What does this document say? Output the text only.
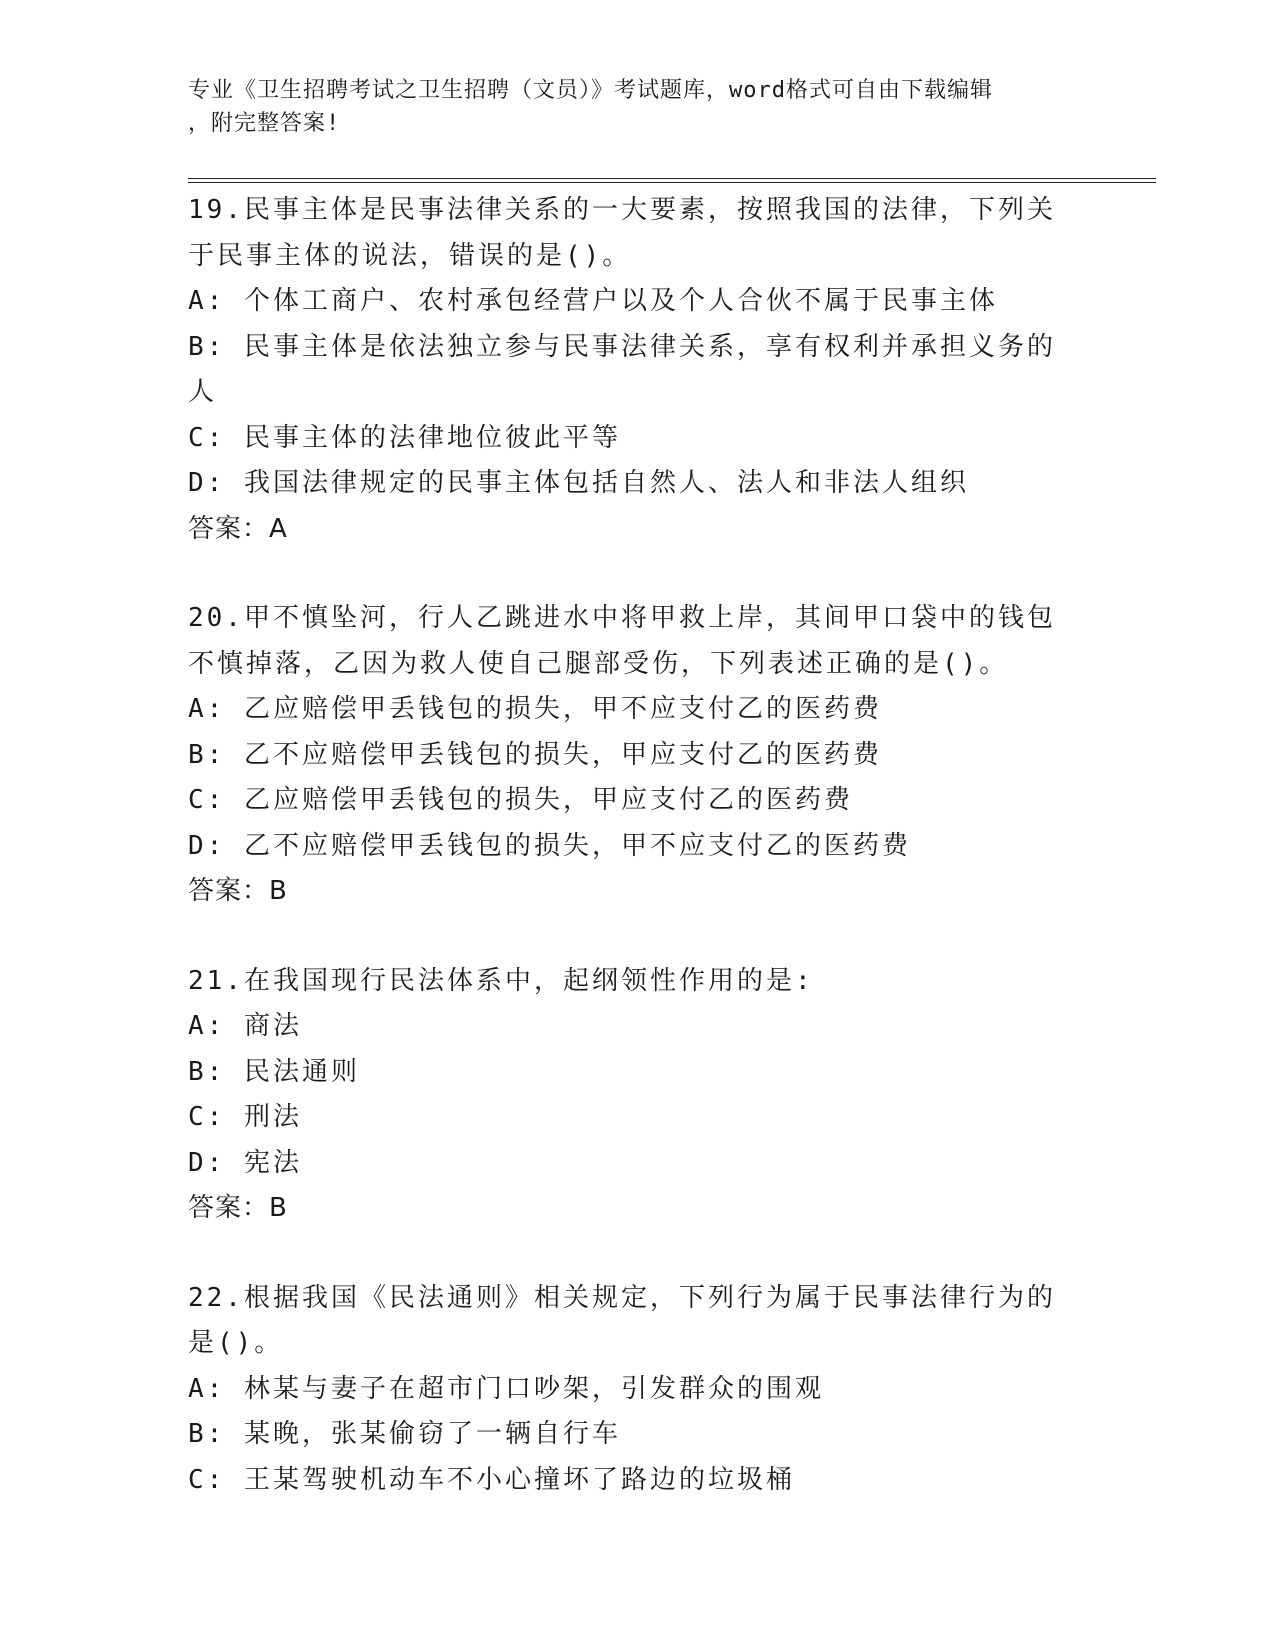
专业《卫生招聘考试之卫生招聘（文员）》考试题库，word格式可自由下载编辑
，附完整答案!

19.民事主体是民事法律关系的一大要素，按照我国的法律，下列关于民事主体的说法，错误的是()。

A: 个体工商户、农村承包经营户以及个人合伙不属于民事主体

B: 民事主体是依法独立参与民事法律关系，享有权利并承担义务的人

C: 民事主体的法律地位彼此平等

D: 我国法律规定的民事主体包括自然人、法人和非法人组织

答案：A

20.甲不慎坠河，行人乙跳进水中将甲救上岸，其间甲口袋中的钱包不慎掉落，乙因为救人使自己腿部受伤，下列表述正确的是()。

A: 乙应赔偿甲丢钱包的损失，甲不应支付乙的医药费

B: 乙不应赔偿甲丢钱包的损失，甲应支付乙的医药费

C: 乙应赔偿甲丢钱包的损失，甲应支付乙的医药费

D: 乙不应赔偿甲丢钱包的损失，甲不应支付乙的医药费

答案：B

21.在我国现行民法体系中，起纲领性作用的是:

A: 商法

B: 民法通则

C: 刑法

D: 宪法

答案：B

22.根据我国《民法通则》相关规定，下列行为属于民事法律行为的是()。

A: 林某与妻子在超市门口吵架，引发群众的围观

B: 某晚，张某偷窃了一辆自行车

C: 王某驾驶机动车不小心撞坏了路边的垃圾桶
